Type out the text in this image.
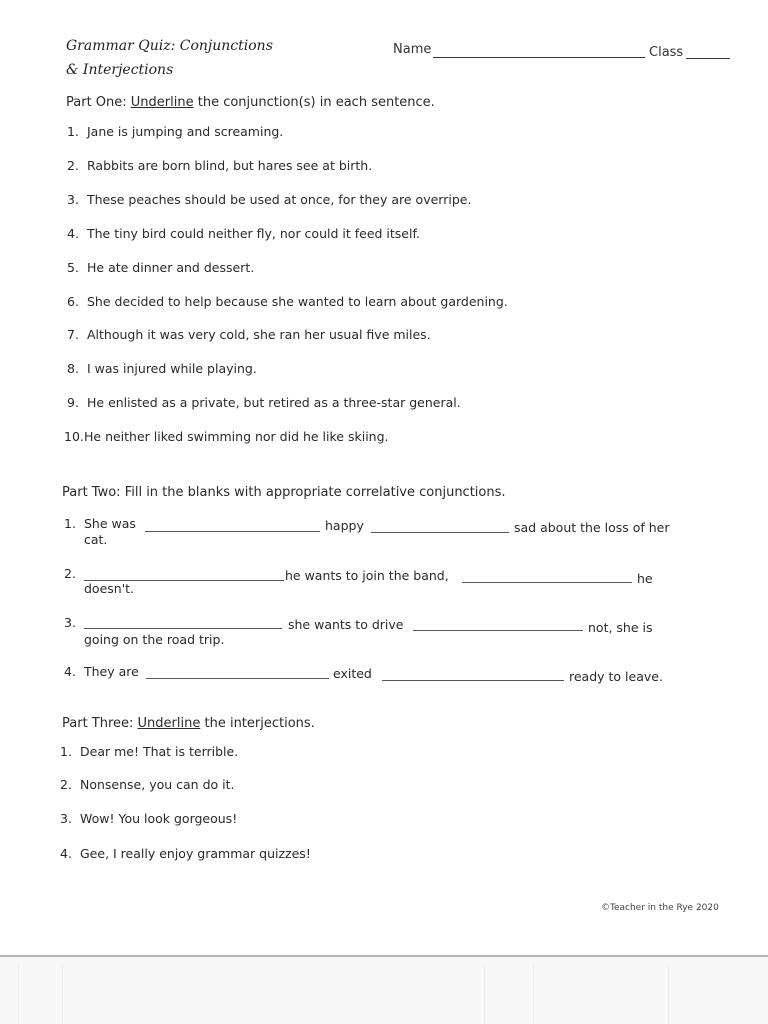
Grammar Quiz: Conjunctions
& Interjections
Name	Class
Part One: Underline the conjunction(s) in each sentence.
1. Jane is jumping and screaming.
2. Rabbits are born blind, but hares see at birth.
3. These peaches should be used at once, for they are overripe.
4. The tiny bird could neither fly, nor could it feed itself.
5. He ate dinner and dessert.
6. She decided to help because she wanted to learn about gardening.
7. Although it was very cold, she ran her usual five miles.
8. I was injured while playing.
9. He enlisted as a private, but retired as a three-star general.
10.He neither liked swimming nor did he like skiing.
Part Two: Fill in the blanks with appropriate correlative conjunctions.
1. She was	happy	sad about the loss of her
cat.
2.	he wants to join the band,	he
doesn't.
3.	she wants to drive	not, she is
going on the road trip.
4. They are	exited	ready to leave.
Part Three: Underline the interjections.
1. Dear me! That is terrible.
2. Nonsense, you can do it.
3. Wow! You look gorgeous!
4. Gee, I really enjoy grammar quizzes!
©Teacher in the Rye 2020
